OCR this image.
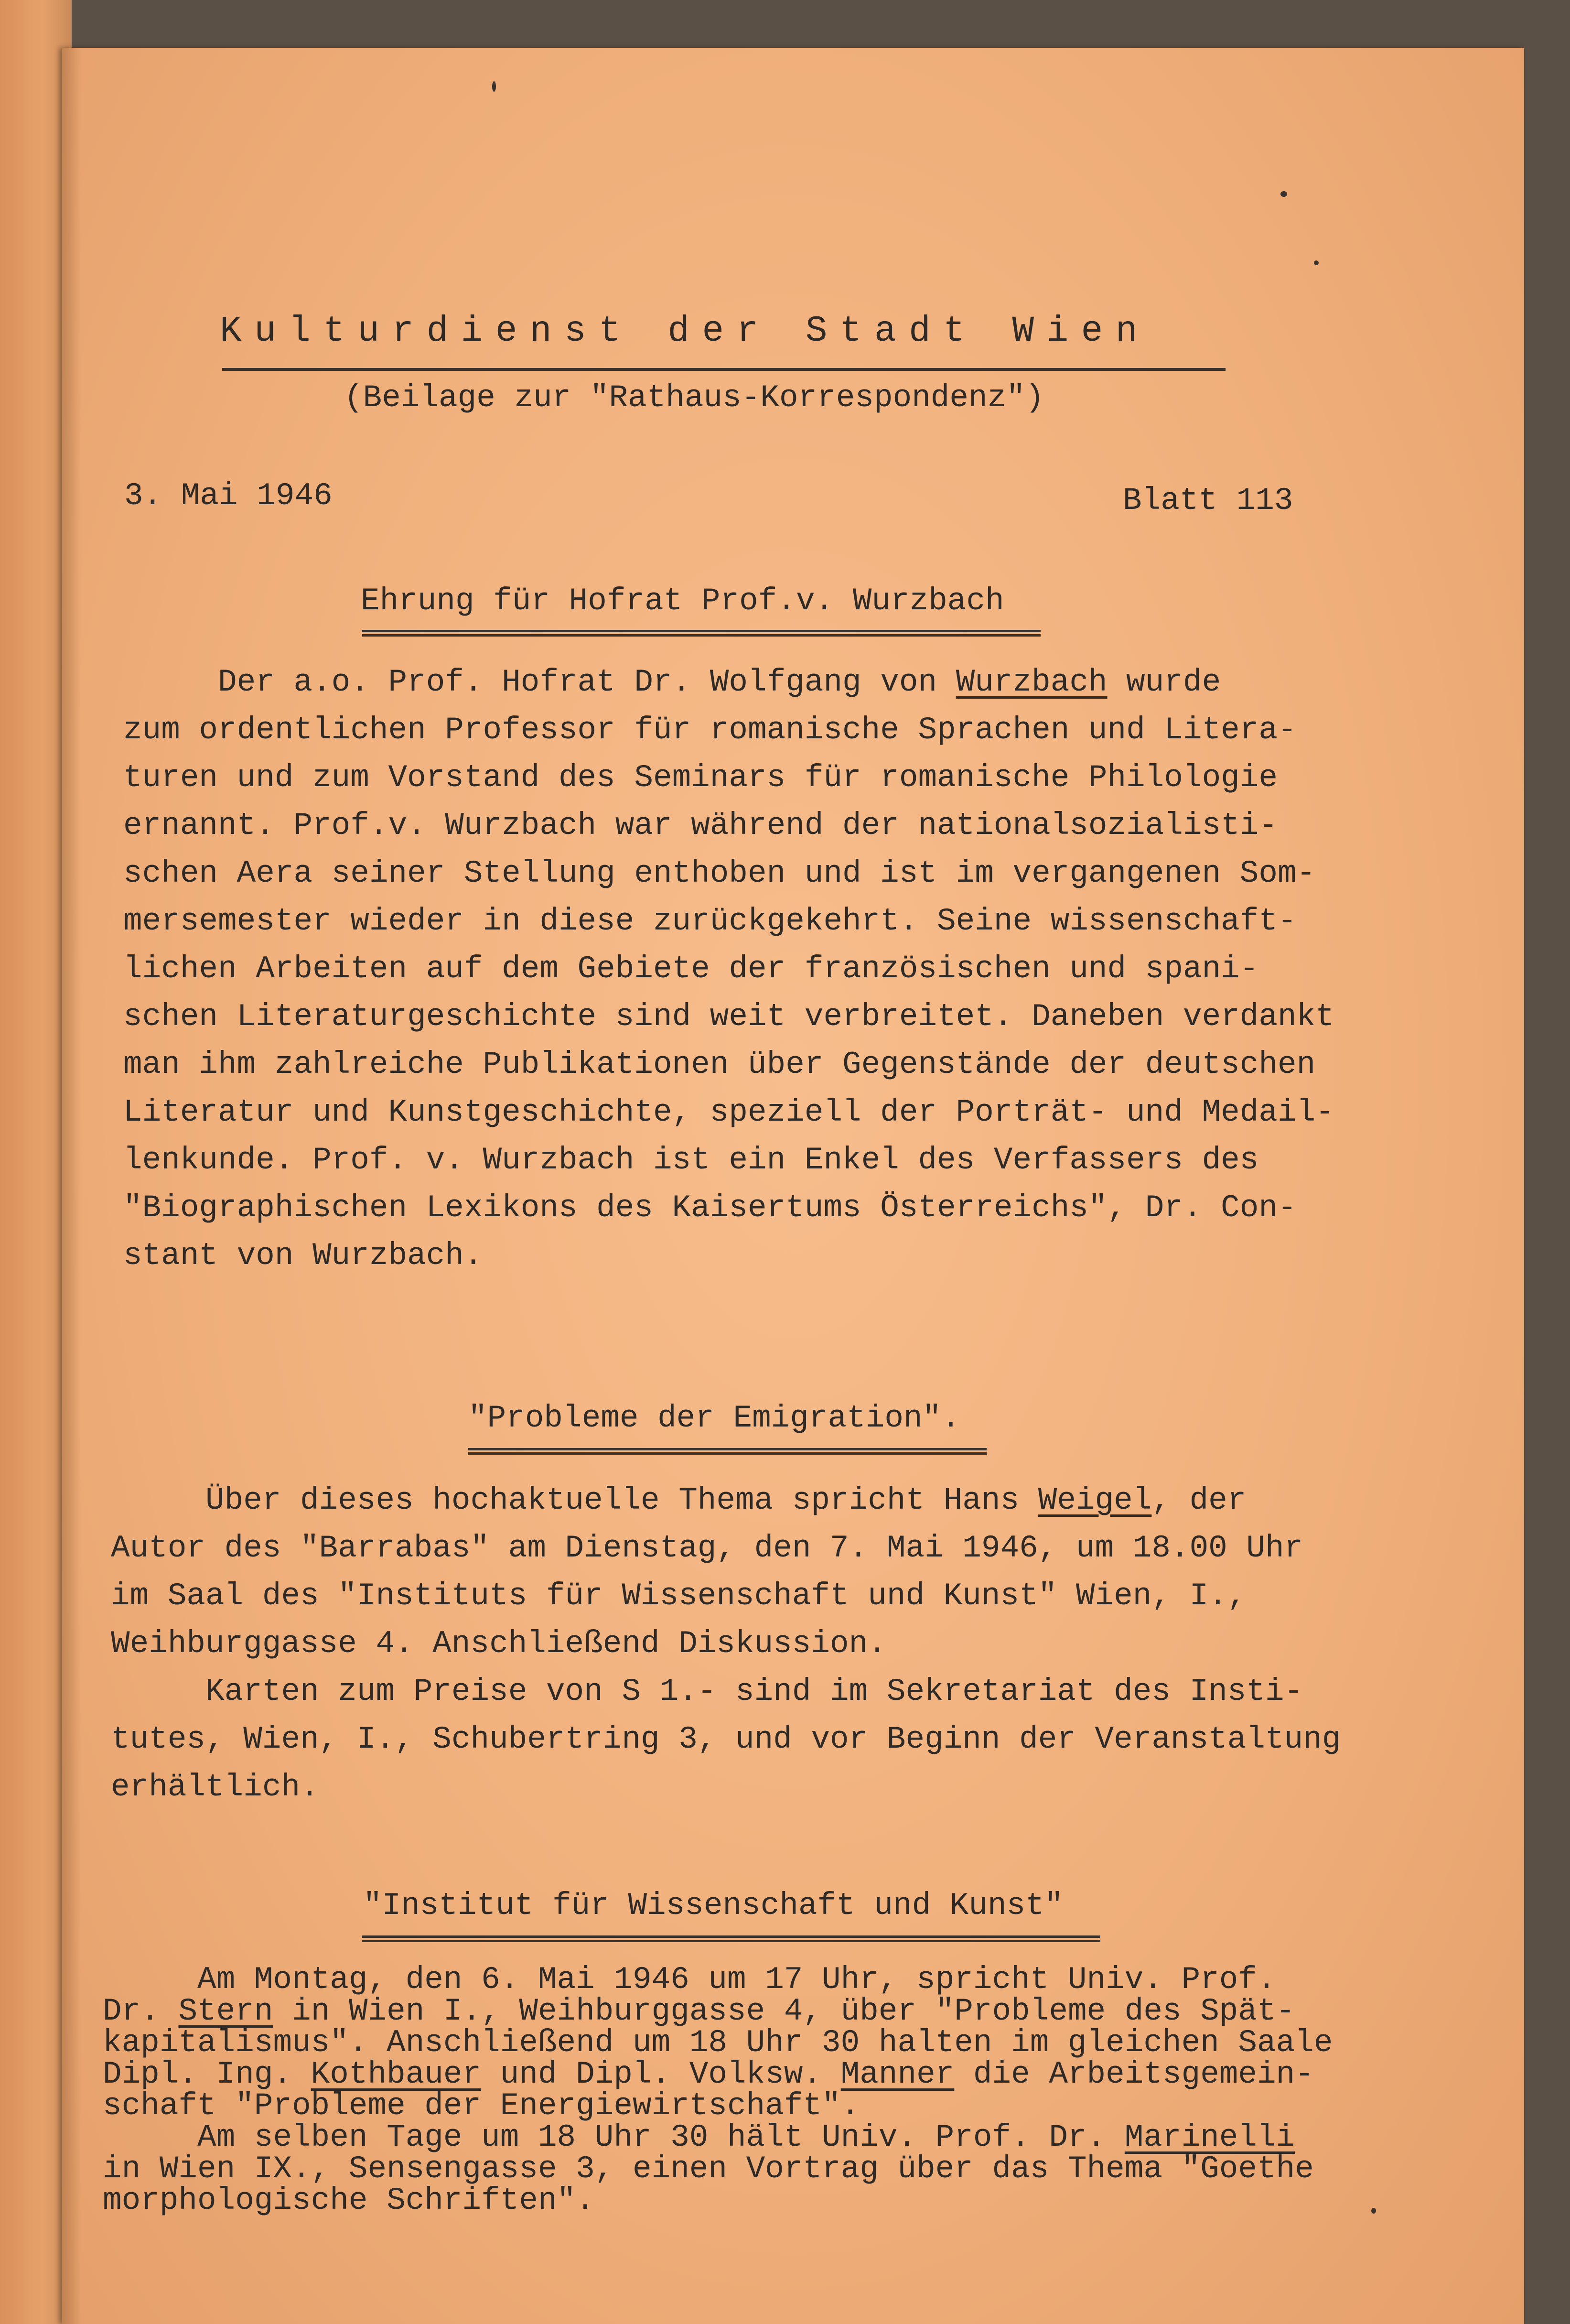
Kulturdienst der Stadt Wien
(Beilage zur "Rathaus-Korrespondenz")
3. Mai 1946	Blatt 113
Ehrung für Hofrat Prof.v. Wurzbach
Der a.o. Prof. Hofrat Dr. Wolfgang von Wurzbach wurde
zum ordentlichen Professor für romanische Sprachen und Litera-
turen und zum Vorstand des Seminars für romanische Philologie
ernannt. Prof.v. Wurzbach war während der nationalsozialisti-
schen Aera seiner Stellung enthoben und ist im vergangenen Som-
mersemester wieder in diese zurückgekehrt. Seine wissenschaft-
lichen Arbeiten auf dem Gebiete der französischen und spani-
schen Literaturgeschichte sind weit verbreitet. Daneben verdankt
man ihm zahlreiche Publikationen über Gegenstände der deutschen
Literatur und Kunstgeschichte, speziell der Porträt- und Medail-
lenkunde. Prof. v. Wurzbach ist ein Enkel des Verfassers des
"Biographischen Lexikons des Kaisertums Österreichs", Dr. Con-
stant von Wurzbach.
"Probleme der Emigration".
Über dieses hochaktuelle Thema spricht Hans Weigel, der
Autor des "Barrabas" am Dienstag, den 7. Mai 1946, um 18.00 Uhr
im Saal des "Instituts für Wissenschaft und Kunst" Wien, I.,
Weihburggasse 4. Anschließend Diskussion.
Karten zum Preise von S 1.- sind im Sekretariat des Insti-
tutes, Wien, I., Schubertring 3, und vor Beginn der Veranstaltung
erhältlich.
"Institut für Wissenschaft und Kunst"
Am Montag, den 6. Mai 1946 um 17 Uhr, spricht Univ. Prof.
Dr. Stern in Wien I., Weihburggasse 4, über "Probleme des Spät-
kapitalismus". Anschließend um 18 Uhr 30 halten im gleichen Saale
Dipl. Ing. Kothbauer und Dipl. Volksw. Manner die Arbeitsgemein-
schaft "Probleme der Energiewirtschaft".
Am selben Tage um 18 Uhr 30 hält Univ. Prof. Dr. Marinelli
in Wien IX., Sensengasse 3, einen Vortrag über das Thema "Goethe
morphologische Schriften".
